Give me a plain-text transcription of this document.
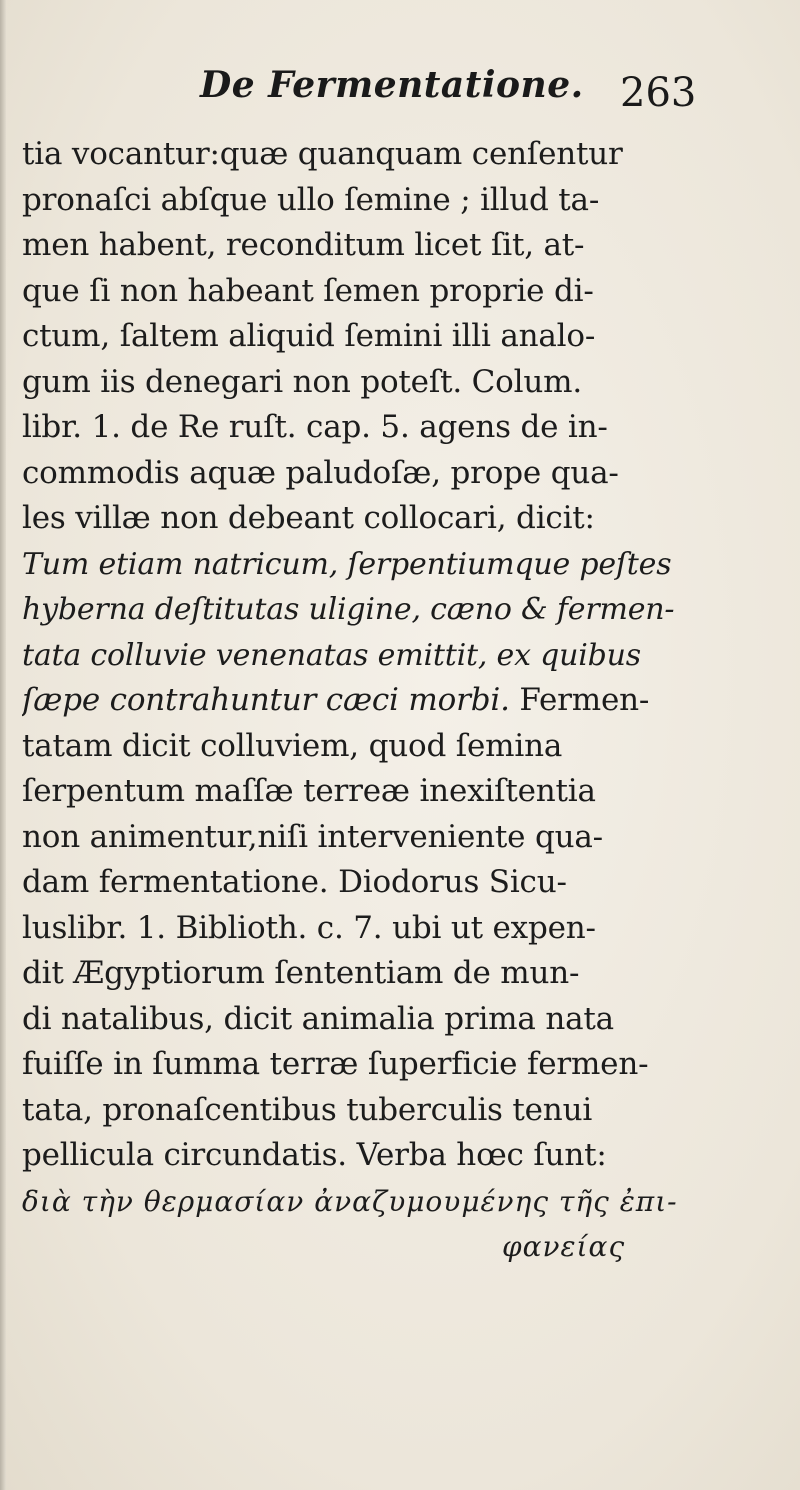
De Fermentatione. 263
tia vocantur:quæ quanquam cenſentur
pronaſci abſque ullo ſemine ; illud ta-
men habent, reconditum licet ſit, at-
que ſi non habeant ſemen proprie di-
ctum, ſaltem aliquid ſemini illi analo-
gum iis denegari non poteſt. Colum.
libr. 1. de Re ruſt. cap. 5. agens de in-
commodis aquæ paludoſæ, prope qua-
les villæ non debeant collocari, dicit:
Tum etiam natricum, ſerpentiumque peſtes
hyberna deſtitutas uligine, cæno & fermen-
tata colluvie venenatas emittit, ex quibus
ſæpe contrahuntur cæci morbi. Fermen-
tatam dicit colluviem, quod ſemina
ſerpentum maſſæ terreæ inexiſtentia
non animentur,niſi interveniente qua-
dam fermentatione. Diodorus Sicu-
luslibr. 1. Biblioth. c. 7. ubi ut expen-
dit Ægyptiorum ſententiam de mun-
di natalibus, dicit animalia prima nata
fuiſſe in ſumma terræ ſuperficie fermen-
tata, pronaſcentibus tuberculis tenui
pellicula circundatis. Verba hœc ſunt:
διὰ τὴν θερμασίαν ἀναζυμουμένης τῆς ἐπι-
φανείας
